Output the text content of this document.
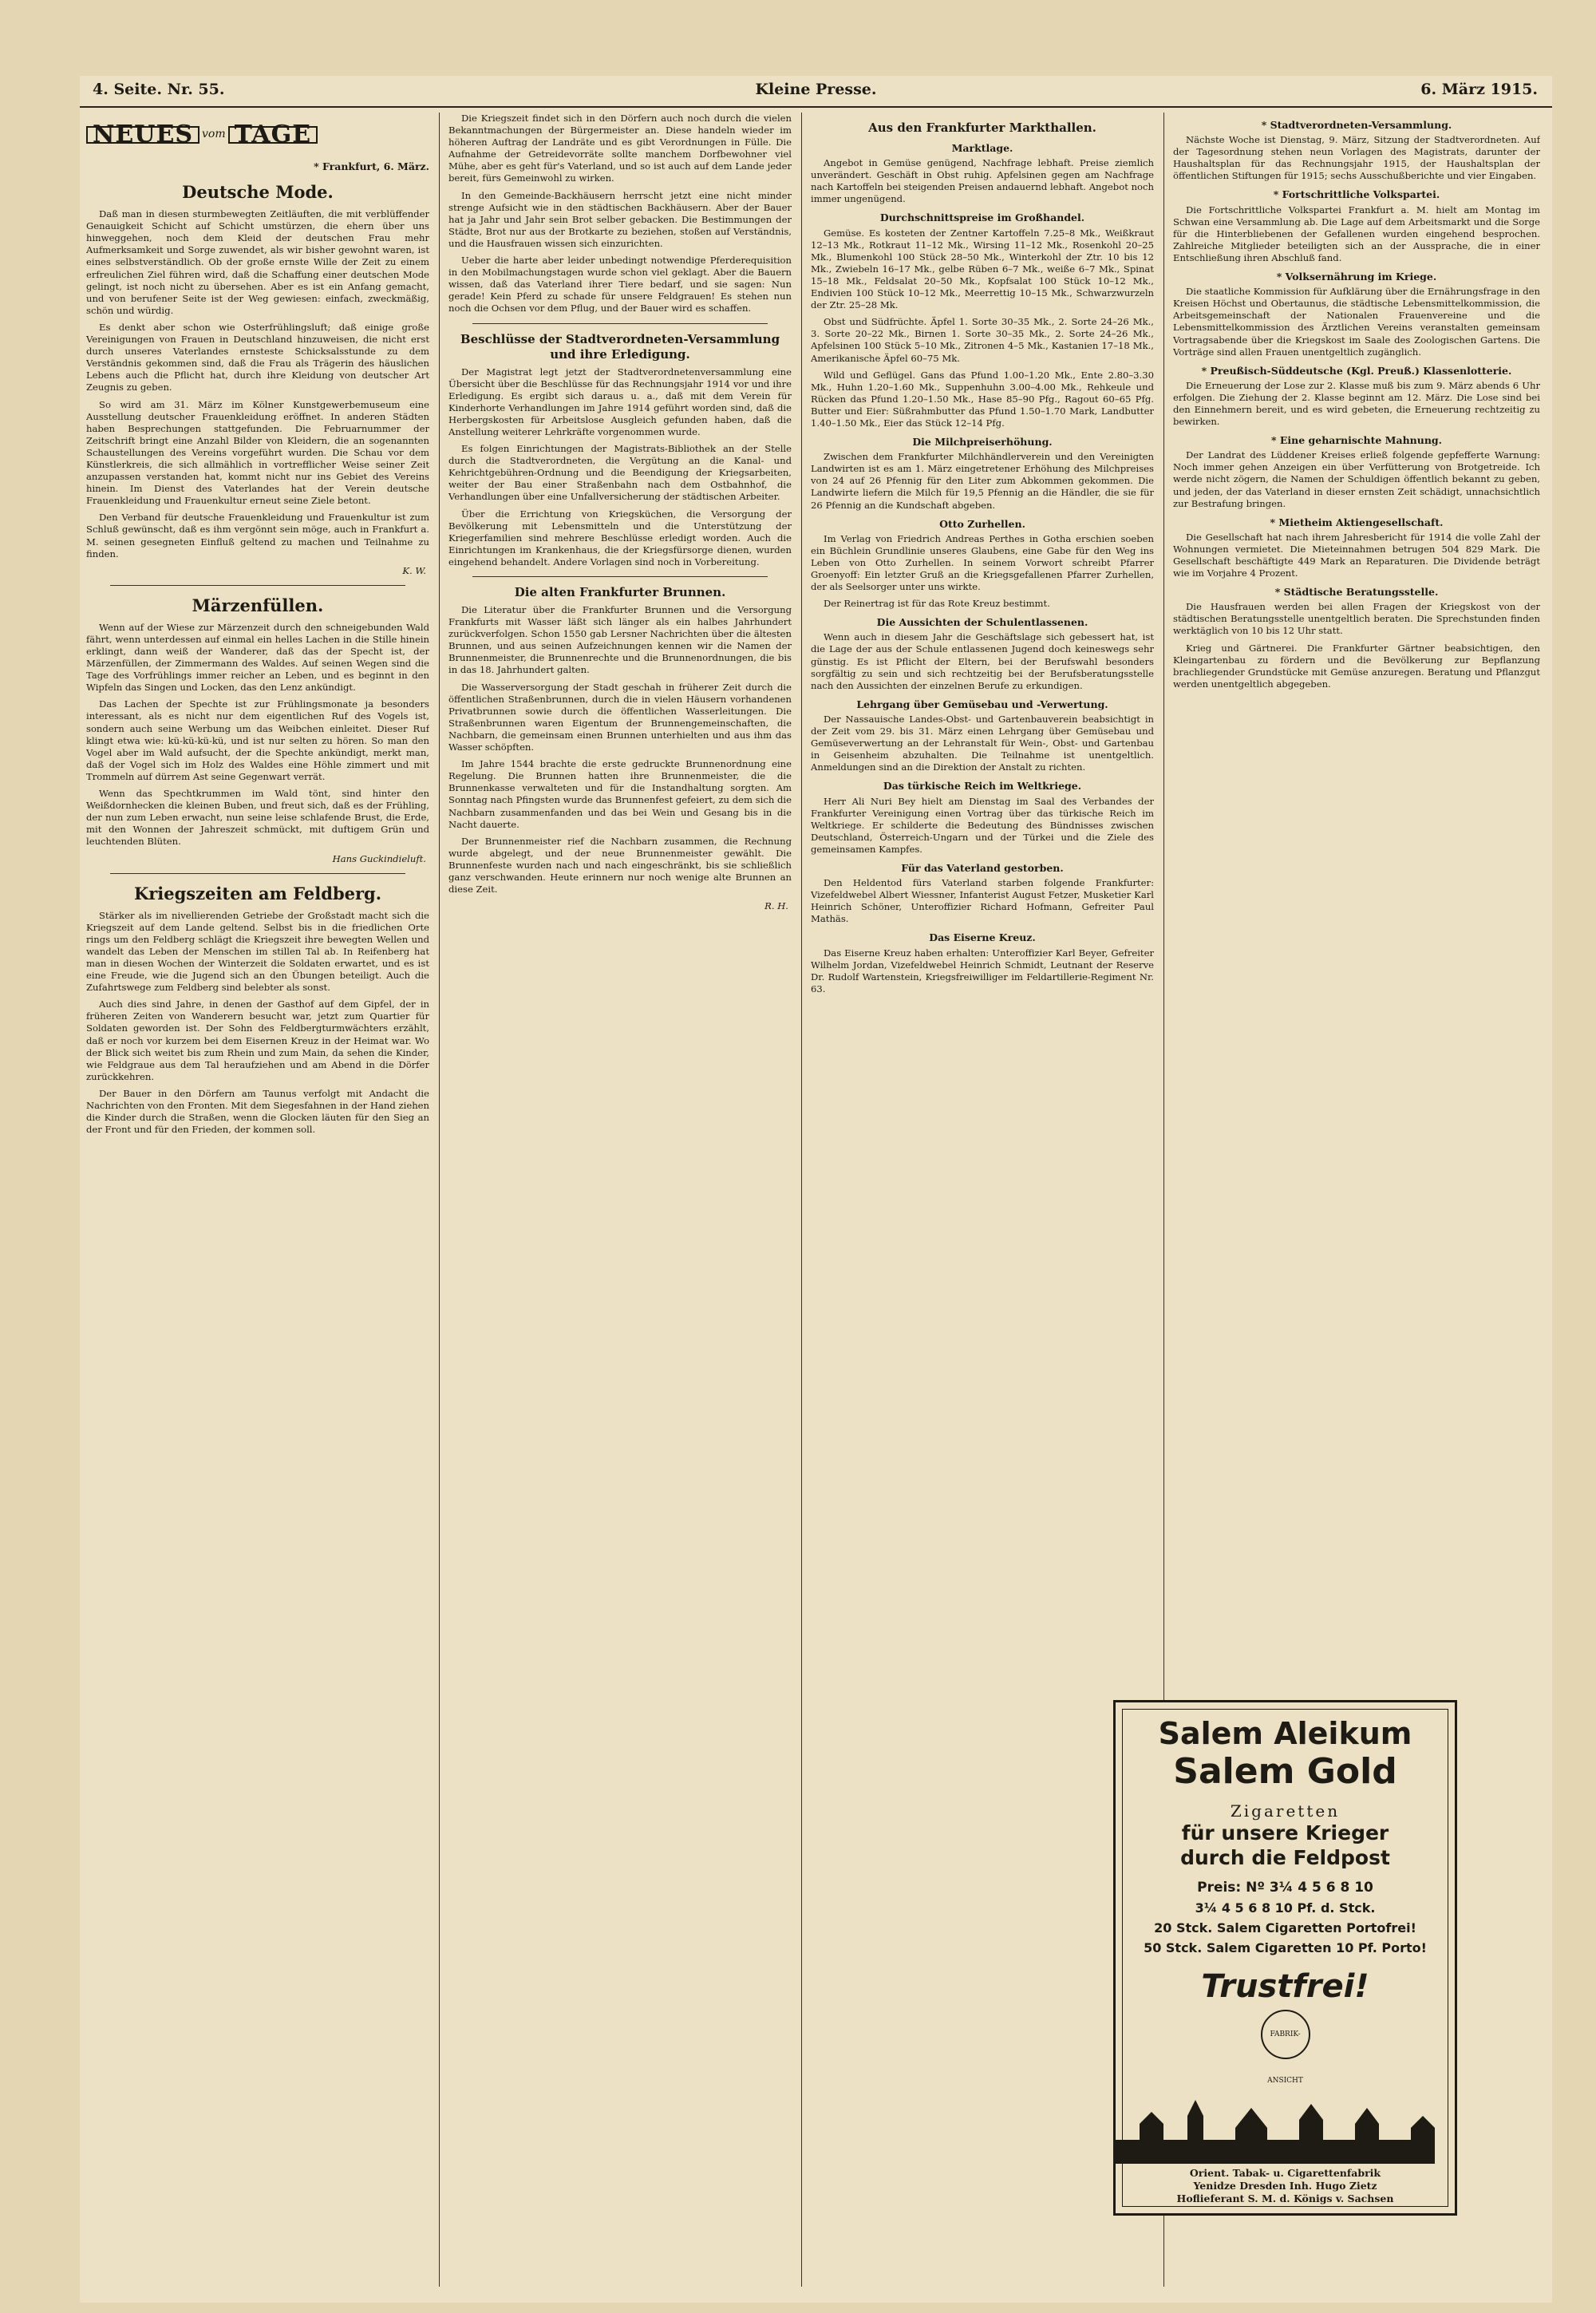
4. Seite. Nr. 55.	Kleine Presse.	6. März 1915.
NEUES vom TAGE
* Frankfurt, 6. März.
Deutsche Mode.

Daß man in diesen sturmbewegten Zeitläuften, die mit verblüffender Genauigkeit Schicht auf Schicht umstürzen, die ehern über uns hinweggehen, noch dem Kleid der deutschen Frau mehr Aufmerksamkeit und Sorge zuwendet, als wir bisher gewohnt waren, ist eines selbstverständlich. Ob der große ernste Wille der Zeit zu einem erfreulichen Ziel führen wird, daß die Schaffung einer deutschen Mode gelingt, ist noch nicht zu übersehen. Aber es ist ein Anfang gemacht, und von berufener Seite ist der Weg gewiesen: einfach, zweckmäßig, schön und würdig.

Es denkt aber schon wie Osterfrühlingsluft; daß einige große Vereinigungen von Frauen in Deutschland hinzuweisen, die nicht erst durch unseres Vaterlandes ernsteste Schicksalsstunde zu dem Verständnis gekommen sind, daß die Frau als Trägerin des häuslichen Lebens auch die Pflicht hat, durch ihre Kleidung von deutscher Art Zeugnis zu geben.

So wird am 31. März im Kölner Kunstgewerbemuseum eine Ausstellung deutscher Frauenkleidung eröffnet. In anderen Städten haben Besprechungen stattgefunden. Die Februarnummer der Zeitschrift bringt eine Anzahl Bilder von Kleidern, die an sogenannten Schaustellungen des Vereins vorgeführt wurden. Die Schau vor dem Künstlerkreis, die sich allmählich in vortrefflicher Weise seiner Zeit anzupassen verstanden hat, kommt nicht nur ins Gebiet des Vereins hinein. Im Dienst des Vaterlandes hat der Verein deutsche Frauenkleidung und Frauenkultur erneut seine Ziele betont.

Den Verband für deutsche Frauenkleidung und Frauenkultur ist zum Schluß gewünscht, daß es ihm vergönnt sein möge, auch in Frankfurt a. M. seinen gesegneten Einfluß geltend zu machen und Teilnahme zu finden.

K. W.
Märzenfüllen.

Wenn auf der Wiese zur Märzenzeit durch den schneigebunden Wald fährt, wenn unterdessen auf einmal ein helles Lachen in die Stille hinein erklingt, dann weiß der Wanderer, daß das der Specht ist, der Märzenfüllen, der Zimmermann des Waldes. Auf seinen Wegen sind die Tage des Vorfrühlings immer reicher an Leben, und es beginnt in den Wipfeln das Singen und Locken, das den Lenz ankündigt.

Das Lachen der Spechte ist zur Frühlingsmonate ja besonders interessant, als es nicht nur dem eigentlichen Ruf des Vogels ist, sondern auch seine Werbung um das Weibchen einleitet. Dieser Ruf klingt etwa wie: kü-kü-kü-kü, und ist nur selten zu hören. So man den Vogel aber im Wald aufsucht, der die Spechte ankündigt, merkt man, daß der Vogel sich im Holz des Waldes eine Höhle zimmert und mit Trommeln auf dürrem Ast seine Gegenwart verrät.

Wenn das Spechtkrummen im Wald tönt, sind hinter den Weißdornhecken die kleinen Buben, und freut sich, daß es der Frühling, der nun zum Leben erwacht, nun seine leise schlafende Brust, die Erde, mit den Wonnen der Jahreszeit schmückt, mit duftigem Grün und leuchtenden Blüten.

Hans Guckindieluft.
Kriegszeiten am Feldberg.

Stärker als im nivellierenden Getriebe der Großstadt macht sich die Kriegszeit auf dem Lande geltend. Selbst bis in die friedlichen Orte rings um den Feldberg schlägt die Kriegszeit ihre bewegten Wellen und wandelt das Leben der Menschen im stillen Tal ab. In Reifenberg hat man in diesen Wochen der Winterzeit die Soldaten erwartet, und es ist eine Freude, wie die Jugend sich an den Übungen beteiligt. Auch die Zufahrtswege zum Feldberg sind belebter als sonst.

Auch dies sind Jahre, in denen der Gasthof auf dem Gipfel, der in früheren Zeiten von Wanderern besucht war, jetzt zum Quartier für Soldaten geworden ist. Der Sohn des Feldbergturmwächters erzählt, daß er noch vor kurzem bei dem Eisernen Kreuz in der Heimat war. Wo der Blick sich weitet bis zum Rhein und zum Main, da sehen die Kinder, wie Feldgraue aus dem Tal heraufziehen und am Abend in die Dörfer zurückkehren.

Der Bauer in den Dörfern am Taunus verfolgt mit Andacht die Nachrichten von den Fronten. Mit dem Siegesfahnen in der Hand ziehen die Kinder durch die Straßen, wenn die Glocken läuten für den Sieg an der Front und für den Frieden, der kommen soll.

Die Kriegszeit findet sich in den Dörfern auch noch durch die vielen Bekanntmachungen der Bürgermeister an. Diese handeln wieder im höheren Auftrag der Landräte und es gibt Verordnungen in Fülle. Die Aufnahme der Getreidevorräte sollte manchem Dorfbewohner viel Mühe, aber es geht für's Vaterland, und so ist auch auf dem Lande jeder bereit, fürs Gemeinwohl zu wirken.

In den Gemeinde-Backhäusern herrscht jetzt eine nicht minder strenge Aufsicht wie in den städtischen Backhäusern. Aber der Bauer hat ja Jahr und Jahr sein Brot selber gebacken. Die Bestimmungen der Städte, Brot nur aus der Brotkarte zu beziehen, stoßen auf Verständnis, und die Hausfrauen wissen sich einzurichten.

Ueber die harte aber leider unbedingt notwendige Pferderequisition in den Mobilmachungstagen wurde schon viel geklagt. Aber die Bauern wissen, daß das Vaterland ihrer Tiere bedarf, und sie sagen: Nun gerade! Kein Pferd zu schade für unsere Feldgrauen! Es stehen nun noch die Ochsen vor dem Pflug, und der Bauer wird es schaffen.

Beschlüsse der Stadtverordneten-Versammlung und ihre Erledigung.

Der Magistrat legt jetzt der Stadtverordnetenversammlung eine Übersicht über die Beschlüsse für das Rechnungsjahr 1914 vor und ihre Erledigung. Es ergibt sich daraus u. a., daß mit dem Verein für Kinderhorte Verhandlungen im Jahre 1914 geführt worden sind, daß die Herbergskosten für Arbeitslose Ausgleich gefunden haben, daß die Anstellung weiterer Lehrkräfte vorgenommen wurde.

Es folgen Einrichtungen der Magistrats-Bibliothek an der Stelle durch die Stadtverordneten, die Vergütung an die Kanal- und Kehrichtgebühren-Ordnung und die Beendigung der Kriegsarbeiten, weiter der Bau einer Straßenbahn nach dem Ostbahnhof, die Verhandlungen über eine Unfallversicherung der städtischen Arbeiter.

Über die Errichtung von Kriegsküchen, die Versorgung der Bevölkerung mit Lebensmitteln und die Unterstützung der Kriegerfamilien sind mehrere Beschlüsse erledigt worden. Auch die Einrichtungen im Krankenhaus, die der Kriegsfürsorge dienen, wurden eingehend behandelt. Andere Vorlagen sind noch in Vorbereitung.

Die alten Frankfurter Brunnen.

Die Literatur über die Frankfurter Brunnen und die Versorgung Frankfurts mit Wasser läßt sich länger als ein halbes Jahrhundert zurückverfolgen. Schon 1550 gab Lersner Nachrichten über die ältesten Brunnen, und aus seinen Aufzeichnungen kennen wir die Namen der Brunnenmeister, die Brunnenrechte und die Brunnenordnungen, die bis in das 18. Jahrhundert galten.

Die Wasserversorgung der Stadt geschah in früherer Zeit durch die öffentlichen Straßenbrunnen, durch die in vielen Häusern vorhandenen Privatbrunnen sowie durch die öffentlichen Wasserleitungen. Die Straßenbrunnen waren Eigentum der Brunnengemeinschaften, die Nachbarn, die gemeinsam einen Brunnen unterhielten und aus ihm das Wasser schöpften.

Im Jahre 1544 brachte die erste gedruckte Brunnenordnung eine Regelung. Die Brunnen hatten ihre Brunnenmeister, die die Brunnenkasse verwalteten und für die Instandhaltung sorgten. Am Sonntag nach Pfingsten wurde das Brunnenfest gefeiert, zu dem sich die Nachbarn zusammenfanden und das bei Wein und Gesang bis in die Nacht dauerte.

Der Brunnenmeister rief die Nachbarn zusammen, die Rechnung wurde abgelegt, und der neue Brunnenmeister gewählt. Die Brunnenfeste wurden nach und nach eingeschränkt, bis sie schließlich ganz verschwanden. Heute erinnern nur noch wenige alte Brunnen an diese Zeit.

R. H.
Aus den Frankfurter Markthallen.
Marktlage.

Angebot in Gemüse genügend, Nachfrage lebhaft. Preise ziemlich unverändert. Geschäft in Obst ruhig. Apfelsinen gegen am Nachfrage nach Kartoffeln bei steigenden Preisen andauernd lebhaft. Angebot noch immer ungenügend.

Durchschnittspreise im Großhandel.

Gemüse. Es kosteten der Zentner Kartoffeln 7.25–8 Mk., Weißkraut 12–13 Mk., Rotkraut 11–12 Mk., Wirsing 11–12 Mk., Rosenkohl 20–25 Mk., Blumenkohl 100 Stück 28–50 Mk., Winterkohl der Ztr. 10 bis 12 Mk., Zwiebeln 16–17 Mk., gelbe Rüben 6–7 Mk., weiße 6–7 Mk., Spinat 15–18 Mk., Feldsalat 20–50 Mk., Kopfsalat 100 Stück 10–12 Mk., Endivien 100 Stück 10–12 Mk., Meerrettig 10–15 Mk., Schwarzwurzeln der Ztr. 25–28 Mk.

Obst und Südfrüchte. Äpfel 1. Sorte 30–35 Mk., 2. Sorte 24–26 Mk., 3. Sorte 20–22 Mk., Birnen 1. Sorte 30–35 Mk., 2. Sorte 24–26 Mk., Apfelsinen 100 Stück 5–10 Mk., Zitronen 4–5 Mk., Kastanien 17–18 Mk., Amerikanische Äpfel 60–75 Mk.

Wild und Geflügel. Gans das Pfund 1.00–1.20 Mk., Ente 2.80–3.30 Mk., Huhn 1.20–1.60 Mk., Suppenhuhn 3.00–4.00 Mk., Rehkeule und Rücken das Pfund 1.20–1.50 Mk., Hase 85–90 Pfg., Ragout 60–65 Pfg. Butter und Eier: Süßrahmbutter das Pfund 1.50–1.70 Mark, Landbutter 1.40–1.50 Mk., Eier das Stück 12–14 Pfg.

Die Milchpreiserhöhung.

Zwischen dem Frankfurter Milchhändlerverein und den Vereinigten Landwirten ist es am 1. März eingetretener Erhöhung des Milchpreises von 24 auf 26 Pfennig für den Liter zum Abkommen gekommen. Die Landwirte liefern die Milch für 19,5 Pfennig an die Händler, die sie für 26 Pfennig an die Kundschaft abgeben.

Otto Zurhellen.

Im Verlag von Friedrich Andreas Perthes in Gotha erschien soeben ein Büchlein Grundlinie unseres Glaubens, eine Gabe für den Weg ins Leben von Otto Zurhellen. In seinem Vorwort schreibt Pfarrer Groenyoff: Ein letzter Gruß an die Kriegsgefallenen Pfarrer Zurhellen, der als Seelsorger unter uns wirkte.

Der Reinertrag ist für das Rote Kreuz bestimmt.

Die Aussichten der Schulentlassenen.

Wenn auch in diesem Jahr die Geschäftslage sich gebessert hat, ist die Lage der aus der Schule entlassenen Jugend doch keineswegs sehr günstig. Es ist Pflicht der Eltern, bei der Berufswahl besonders sorgfältig zu sein und sich rechtzeitig bei der Berufsberatungsstelle nach den Aussichten der einzelnen Berufe zu erkundigen.

Lehrgang über Gemüsebau und -Verwertung.

Der Nassauische Landes-Obst- und Gartenbauverein beabsichtigt in der Zeit vom 29. bis 31. März einen Lehrgang über Gemüsebau und Gemüseverwertung an der Lehranstalt für Wein-, Obst- und Gartenbau in Geisenheim abzuhalten. Die Teilnahme ist unentgeltlich. Anmeldungen sind an die Direktion der Anstalt zu richten.

Das türkische Reich im Weltkriege.

Herr Ali Nuri Bey hielt am Dienstag im Saal des Verbandes der Frankfurter Vereinigung einen Vortrag über das türkische Reich im Weltkriege. Er schilderte die Bedeutung des Bündnisses zwischen Deutschland, Österreich-Ungarn und der Türkei und die Ziele des gemeinsamen Kampfes.

Für das Vaterland gestorben.

Den Heldentod fürs Vaterland starben folgende Frankfurter: Vizefeldwebel Albert Wiessner, Infanterist August Fetzer, Musketier Karl Heinrich Schöner, Unteroffizier Richard Hofmann, Gefreiter Paul Mathäs.

Das Eiserne Kreuz.

Das Eiserne Kreuz haben erhalten: Unteroffizier Karl Beyer, Gefreiter Wilhelm Jordan, Vizefeldwebel Heinrich Schmidt, Leutnant der Reserve Dr. Rudolf Wartenstein, Kriegsfreiwilliger im Feldartillerie-Regiment Nr. 63.

* Stadtverordneten-Versammlung.

Nächste Woche ist Dienstag, 9. März, Sitzung der Stadtverordneten. Auf der Tagesordnung stehen neun Vorlagen des Magistrats, darunter der Haushaltsplan für das Rechnungsjahr 1915, der Haushaltsplan der öffentlichen Stiftungen für 1915; sechs Ausschußberichte und vier Eingaben.

* Fortschrittliche Volkspartei.

Die Fortschrittliche Volkspartei Frankfurt a. M. hielt am Montag im Schwan eine Versammlung ab. Die Lage auf dem Arbeitsmarkt und die Sorge für die Hinterbliebenen der Gefallenen wurden eingehend besprochen. Zahlreiche Mitglieder beteiligten sich an der Aussprache, die in einer Entschließung ihren Abschluß fand.

* Volksernährung im Kriege.

Die staatliche Kommission für Aufklärung über die Ernährungsfrage in den Kreisen Höchst und Obertaunus, die städtische Lebensmittelkommission, die Arbeitsgemeinschaft der Nationalen Frauenvereine und die Lebensmittelkommission des Ärztlichen Vereins veranstalten gemeinsam Vortragsabende über die Kriegskost im Saale des Zoologischen Gartens. Die Vorträge sind allen Frauen unentgeltlich zugänglich.

* Preußisch-Süddeutsche (Kgl. Preuß.) Klassenlotterie.

Die Erneuerung der Lose zur 2. Klasse muß bis zum 9. März abends 6 Uhr erfolgen. Die Ziehung der 2. Klasse beginnt am 12. März. Die Lose sind bei den Einnehmern bereit, und es wird gebeten, die Erneuerung rechtzeitig zu bewirken.

* Eine geharnischte Mahnung.

Der Landrat des Lüddener Kreises erließ folgende gepfefferte Warnung: Noch immer gehen Anzeigen ein über Verfütterung von Brotgetreide. Ich werde nicht zögern, die Namen der Schuldigen öffentlich bekannt zu geben, und jeden, der das Vaterland in dieser ernsten Zeit schädigt, unnachsichtlich zur Bestrafung bringen.

* Mietheim Aktiengesellschaft.

Die Gesellschaft hat nach ihrem Jahresbericht für 1914 die volle Zahl der Wohnungen vermietet. Die Mieteinnahmen betrugen 504 829 Mark. Die Gesellschaft beschäftigte 449 Mark an Reparaturen. Die Dividende beträgt wie im Vorjahre 4 Prozent.

* Städtische Beratungsstelle.

Die Hausfrauen werden bei allen Fragen der Kriegskost von der städtischen Beratungsstelle unentgeltlich beraten. Die Sprechstunden finden werktäglich von 10 bis 12 Uhr statt.

Krieg und Gärtnerei. Die Frankfurter Gärtner beabsichtigen, den Kleingartenbau zu fördern und die Bevölkerung zur Bepflanzung brachliegender Grundstücke mit Gemüse anzuregen. Beratung und Pflanzgut werden unentgeltlich abgegeben.

Salem Aleikum
Salem Gold
Zigaretten
für unsere Krieger
durch die Feldpost
Preis: Nº 3¼ 4 5 6 8 10
3¼ 4 5 6 8 10 Pf. d. Stck.
20 Stck. Salem Cigaretten Portofrei!
50 Stck. Salem Cigaretten 10 Pf. Porto!
Trustfrei!
FABRIK-ANSICHT
Orient. Tabak- u. Cigarettenfabrik
Yenidze Dresden Inh. Hugo Zietz
Hoflieferant S. M. d. Königs v. Sachsen
